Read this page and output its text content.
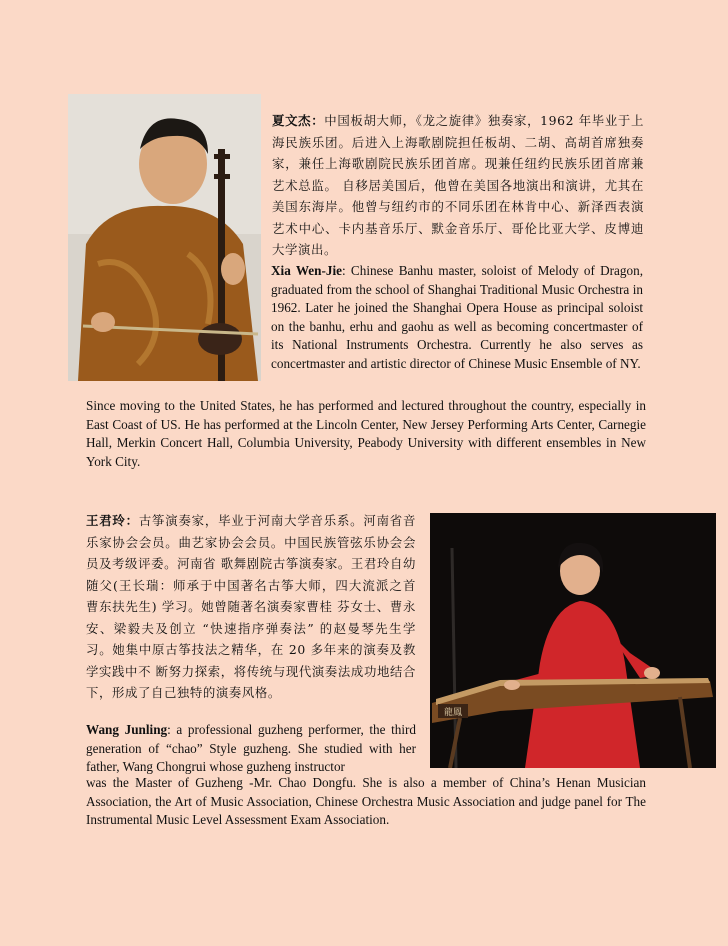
夏文杰：中国板胡大师，《龙之旋律》独奏家，1962 年毕业于上海民族乐团。后进入上海歌剧院担任板胡、二胡、高胡首席独奏家，兼任上海歌剧院民族乐团首席。现兼任纽约民族乐团首席兼艺术总监。 自移居美国后，他曾在美国各地演出和演讲，尤其在美国东海岸。他曾与纽约市的不同乐团在林肯中心、新泽西表演艺术中心、卡内基音乐厅、默金音乐厅、哥伦比亚大学、皮博迪大学演出。

Xia Wen-Jie: Chinese Banhu master, soloist of Melody of Dragon, graduated from the school of Shanghai Traditional Music Orchestra in 1962. Later he joined the Shanghai Opera House as principal soloist on the banhu, erhu and gaohu as well as becoming concertmaster of its National Instruments Orchestra. Currently he also serves as concertmaster and artistic director of Chinese Music Ensemble of NY.

Since moving to the United States, he has performed and lectured throughout the country, especially in East Coast of US. He has performed at the Lincoln Center, New Jersey Performing Arts Center, Carnegie Hall, Merkin Concert Hall, Columbia University, Peabody University with different ensembles in New York City.

王君玲：古筝演奏家，毕业于河南大学音乐系。河南省音乐家协会会员。曲艺家协会会员。中国民族管弦乐协会会员及考级评委。河南省 歌舞剧院古筝演奏家。王君玲自幼随父(王长瑞：师承于中国著名古筝大师，四大流派之首曹东扶先生) 学习。她曾随著名演奏家曹桂 芬女士、曹永安、梁毅夫及创立 “快速指序弹奏法” 的赵曼琴先生学习。她集中原古筝技法之精华，在 20 多年来的演奏及教学实践中不 断努力探索，将传统与现代演奏法成功地结合下，形成了自己独特的演奏风格。

龍鳳

Wang Junling: a professional guzheng performer, the third generation of “chao” Style guzheng. She studied with her father, Wang Chongrui whose guzheng instructor

was the Master of Guzheng -Mr. Chao Dongfu. She is also a member of China’s Henan Musician Association, the Art of Music Association, Chinese Orchestra Music Association and judge panel for The Instrumental Music Level Assessment Exam Association.
